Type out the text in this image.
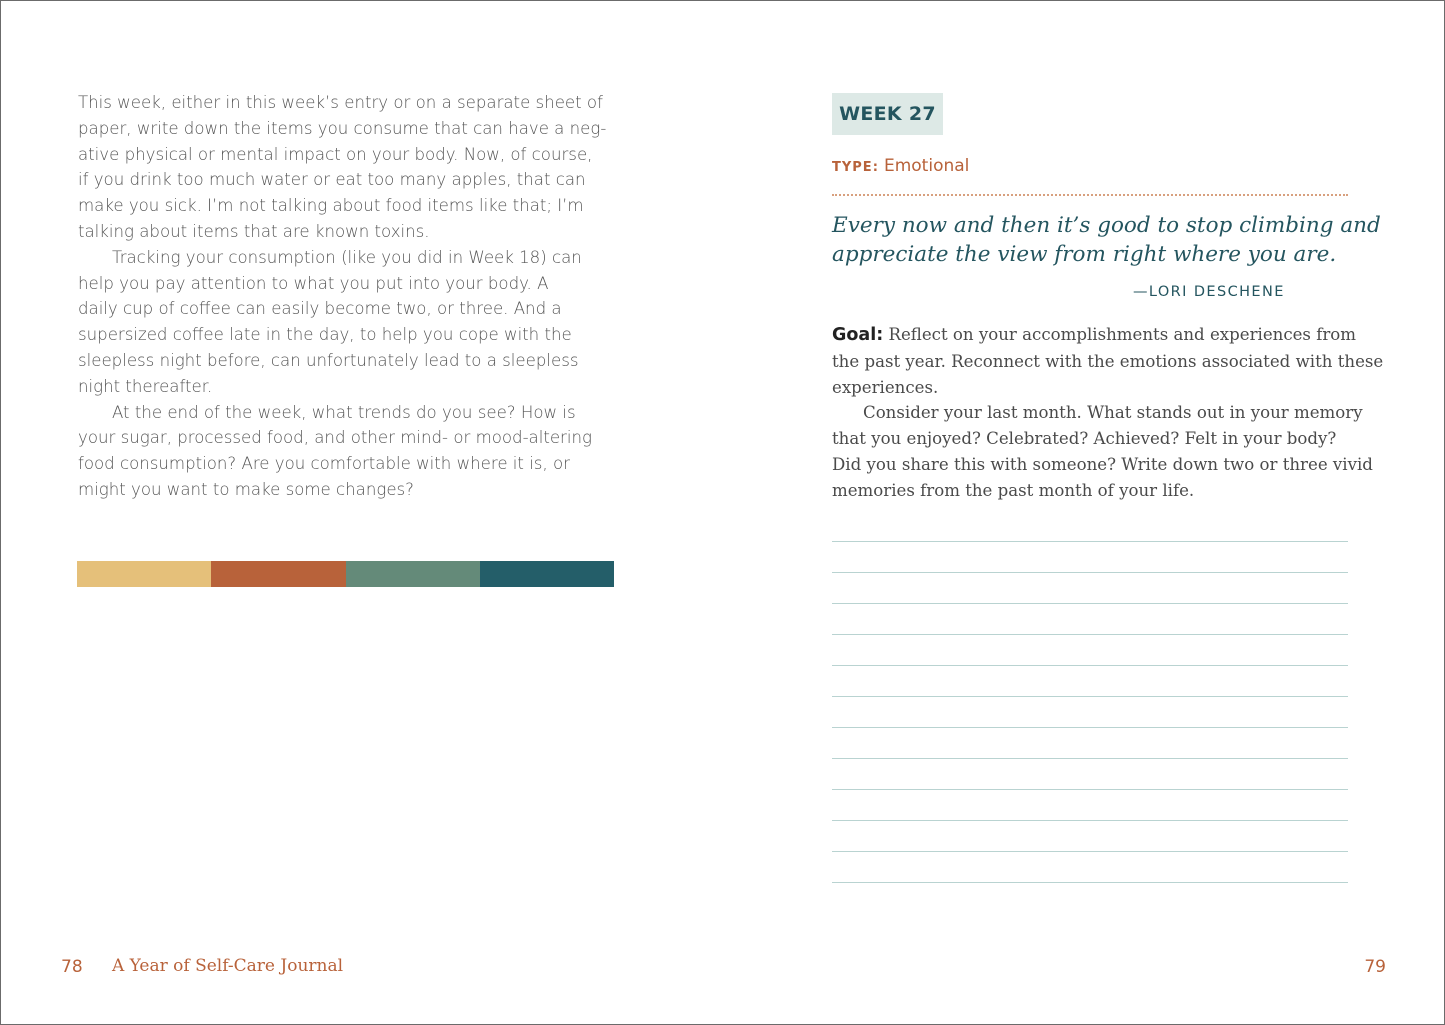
This week, either in this week’s entry or on a separate sheet of
paper, write down the items you consume that can have a neg-
ative physical or mental impact on your body. Now, of course,
if you drink too much water or eat too many apples, that can
make you sick. I’m not talking about food items like that; I’m
talking about items that are known toxins.
Tracking your consumption (like you did in Week 18) can
help you pay attention to what you put into your body. A
daily cup of coffee can easily become two, or three. And a
supersized coffee late in the day, to help you cope with the
sleepless night before, can unfortunately lead to a sleepless
night thereafter.
At the end of the week, what trends do you see? How is
your sugar, processed food, and other mind- or mood-altering
food consumption? Are you comfortable with where it is, or
might you want to make some changes?
78 A Year of Self-Care Journal
WEEK 27
TYPE: Emotional
Every now and then it’s good to stop climbing and
appreciate the view from right where you are.
—LORI DESCHENE
Goal: Reflect on your accomplishments and experiences from
the past year. Reconnect with the emotions associated with these
experiences.
Consider your last month. What stands out in your memory
that you enjoyed? Celebrated? Achieved? Felt in your body?
Did you share this with someone? Write down two or three vivid
memories from the past month of your life.
79
